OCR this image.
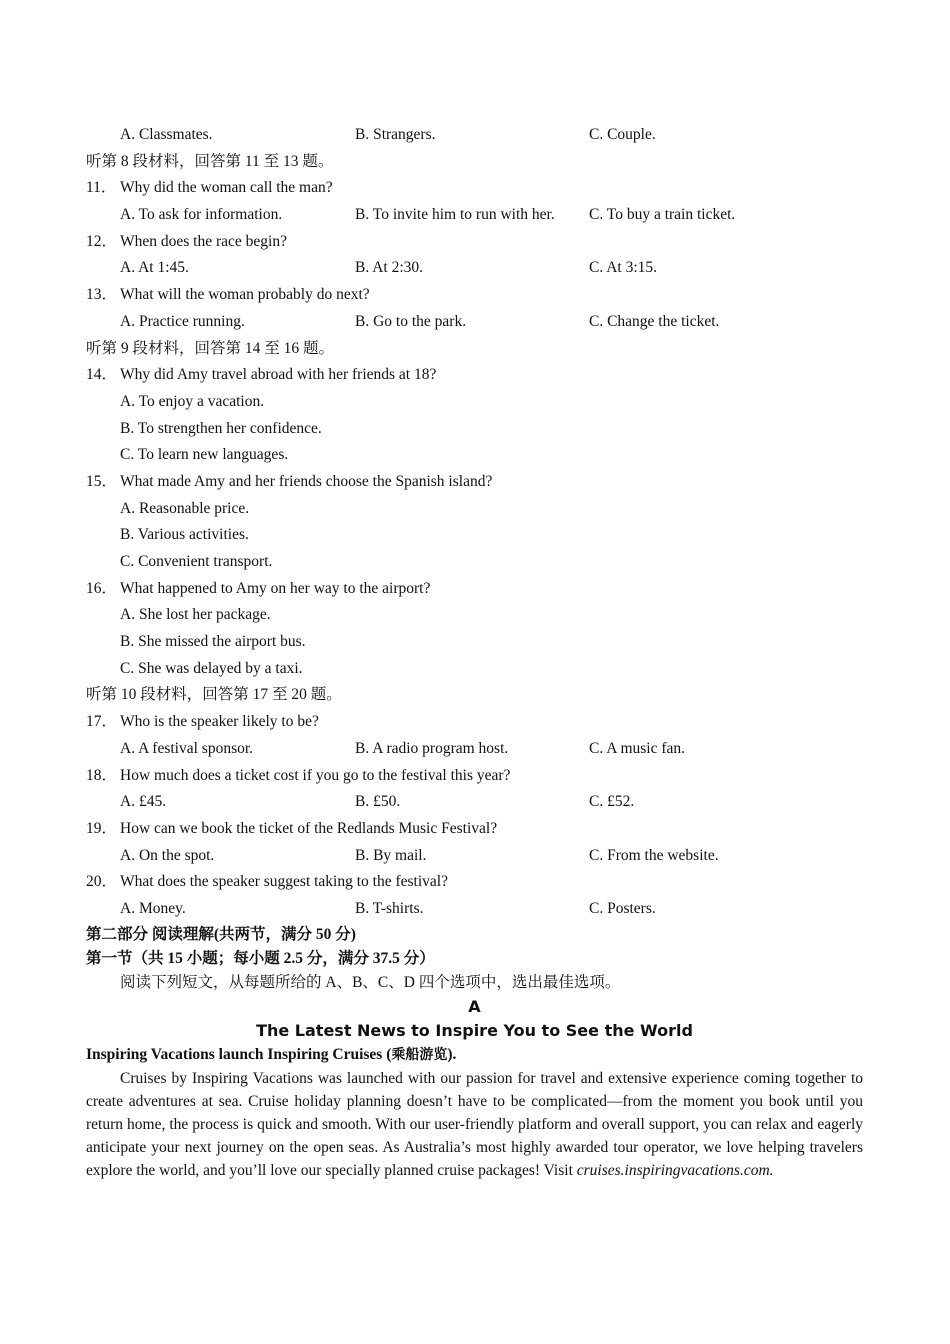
A. Classmates.	B. Strangers.	C. Couple.
听第 8 段材料，回答第 11 至 13 题。
11． Why did the woman call the man?
A. To ask for information.	B. To invite him to run with her.	C. To buy a train ticket.
12． When does the race begin?
A. At 1:45.	B. At 2:30.	C. At 3:15.
13． What will the woman probably do next?
A. Practice running.	B. Go to the park.	C. Change the ticket.
听第 9 段材料，回答第 14 至 16 题。
14． Why did Amy travel abroad with her friends at 18?
A. To enjoy a vacation.
B. To strengthen her confidence.
C. To learn new languages.
15． What made Amy and her friends choose the Spanish island?
A. Reasonable price.
B. Various activities.
C. Convenient transport.
16． What happened to Amy on her way to the airport?
A. She lost her package.
B. She missed the airport bus.
C. She was delayed by a taxi.
听第 10 段材料，回答第 17 至 20 题。
17． Who is the speaker likely to be?
A. A festival sponsor.	B. A radio program host.	C. A music fan.
18． How much does a ticket cost if you go to the festival this year?
A. £45.	B. £50.	C. £52.
19． How can we book the ticket of the Redlands Music Festival?
A. On the spot.	B. By mail.	C. From the website.
20． What does the speaker suggest taking to the festival?
A. Money.	B. T-shirts.	C. Posters.
第二部分 阅读理解(共两节，满分 50 分)
第一节（共 15 小题；每小题 2.5 分，满分 37.5 分）
阅读下列短文，从每题所给的 A、B、C、D 四个选项中，选出最佳选项。
A
The Latest News to Inspire You to See the World
Inspiring Vacations launch Inspiring Cruises (乘船游览).

Cruises by Inspiring Vacations was launched with our passion for travel and extensive experience coming together to create adventures at sea. Cruise holiday planning doesn’t have to be complicated—from the moment you book until you return home, the process is quick and smooth. With our user-friendly platform and overall support, you can relax and eagerly anticipate your next journey on the open seas. As Australia’s most highly awarded tour operator, we love helping travelers explore the world, and you’ll love our specially planned cruise packages! Visit cruises.inspiringvacations.com.
